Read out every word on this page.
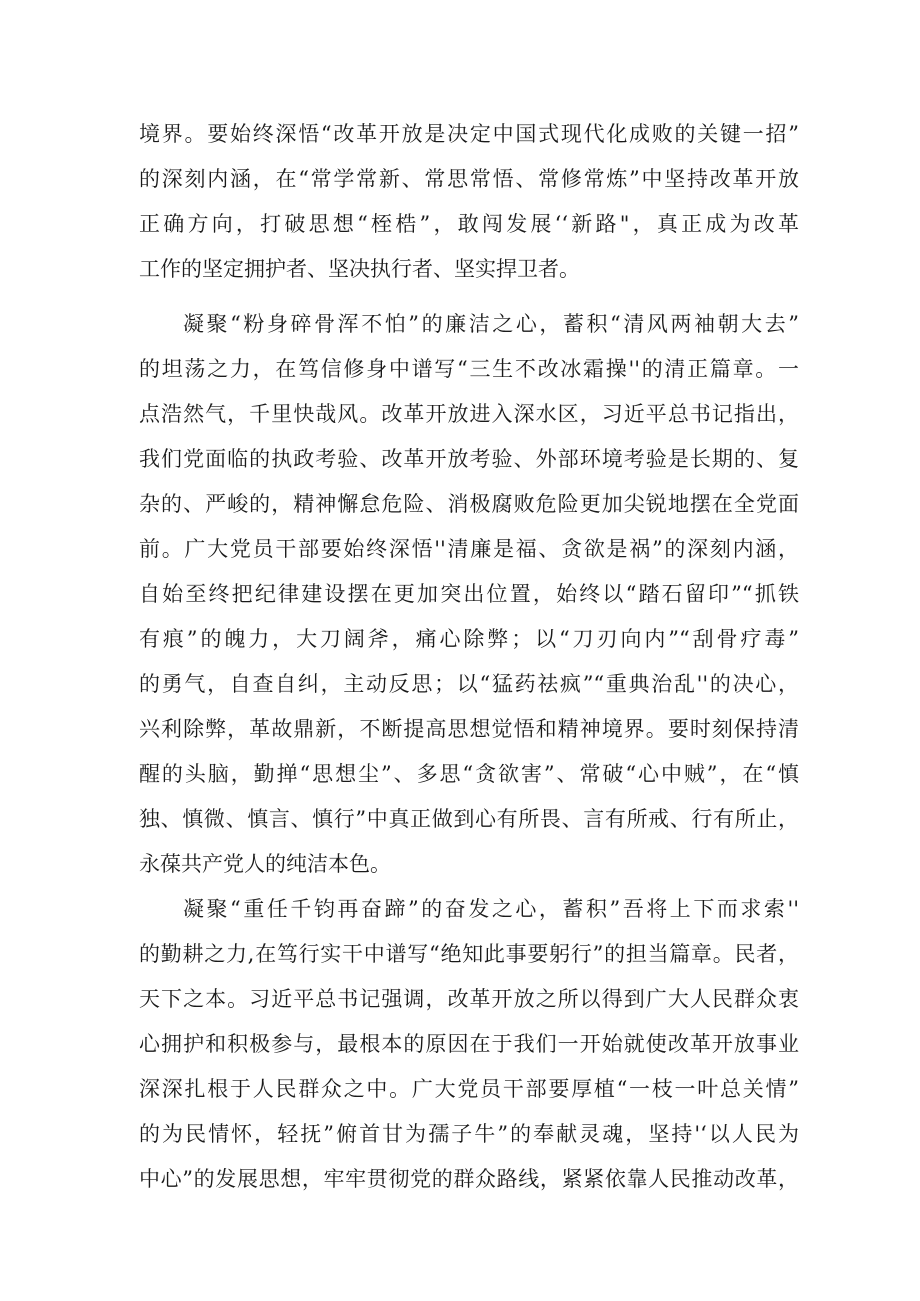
境界。要始终深悟“改革开放是决定中国式现代化成败的关键一招”
的深刻内涵，在“常学常新、常思常悟、常修常炼”中坚持改革开放
正确方向，打破思想“桎梏”，敢闯发展‘‘新路"，真正成为改革
工作的坚定拥护者、坚决执行者、坚实捍卫者。
凝聚“粉身碎骨浑不怕”的廉洁之心，蓄积“清风两袖朝大去”
的坦荡之力，在笃信修身中谱写“三生不改冰霜操''的清正篇章。一
点浩然气，千里快哉风。改革开放进入深水区，习近平总书记指出，
我们党面临的执政考验、改革开放考验、外部环境考验是长期的、复
杂的、严峻的，精神懈怠危险、消极腐败危险更加尖锐地摆在全党面
前。广大党员干部要始终深悟''清廉是福、贪欲是祸”的深刻内涵，
自始至终把纪律建设摆在更加突出位置，始终以“踏石留印”“抓铁
有痕”的魄力，大刀阔斧，痛心除弊；以“刀刃向内”“刮骨疗毒”
的勇气，自查自纠，主动反思；以“猛药祛疯”“重典治乱''的决心，
兴利除弊，革故鼎新，不断提高思想觉悟和精神境界。要时刻保持清
醒的头脑，勤掸“思想尘”、多思“贪欲害”、常破“心中贼”，在“慎
独、慎微、慎言、慎行”中真正做到心有所畏、言有所戒、行有所止，
永葆共产党人的纯洁本色。
凝聚“重任千钧再奋蹄”的奋发之心，蓄积”吾将上下而求索''
的勤耕之力,在笃行实干中谱写“绝知此事要躬行”的担当篇章。民者，
天下之本。习近平总书记强调，改革开放之所以得到广大人民群众衷
心拥护和积极参与，最根本的原因在于我们一开始就使改革开放事业
深深扎根于人民群众之中。广大党员干部要厚植“一枝一叶总关情”
的为民情怀，轻抚”俯首甘为孺子牛”的奉献灵魂，坚持'‘以人民为
中心”的发展思想，牢牢贯彻党的群众路线，紧紧依靠人民推动改革，
